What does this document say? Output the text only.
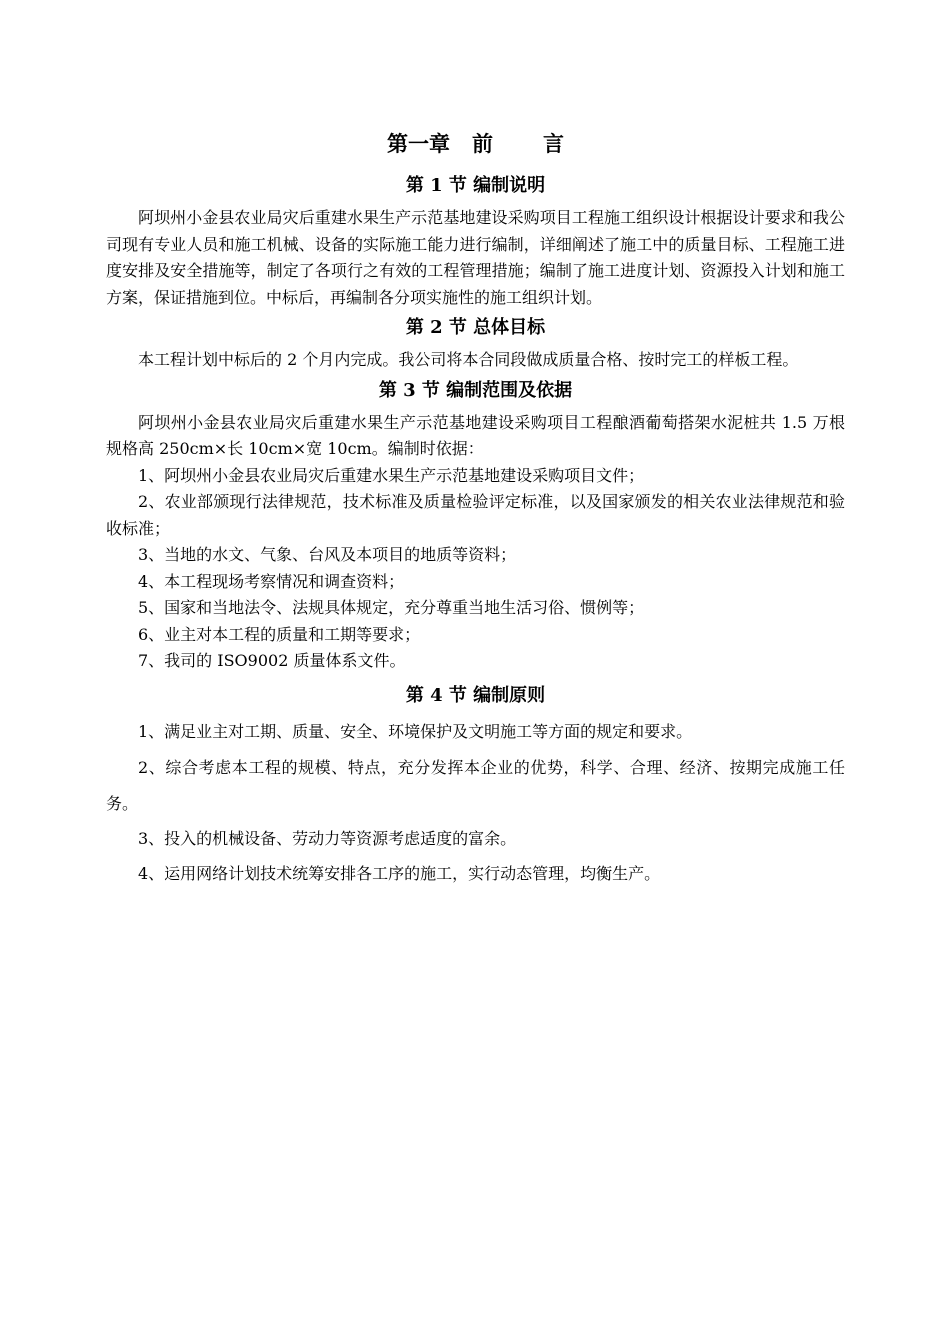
第一章 前 言
第 1 节 编制说明

阿坝州小金县农业局灾后重建水果生产示范基地建设采购项目工程施工组织设计根据设计要求和我公司现有专业人员和施工机械、设备的实际施工能力进行编制，详细阐述了施工中的质量目标、工程施工进度安排及安全措施等，制定了各项行之有效的工程管理措施；编制了施工进度计划、资源投入计划和施工方案，保证措施到位。中标后，再编制各分项实施性的施工组织计划。

第 2 节 总体目标

本工程计划中标后的 2 个月内完成。我公司将本合同段做成质量合格、按时完工的样板工程。

第 3 节 编制范围及依据

阿坝州小金县农业局灾后重建水果生产示范基地建设采购项目工程酿酒葡萄搭架水泥桩共 1.5 万根规格高 250cm×长 10cm×宽 10cm。编制时依据：

1、阿坝州小金县农业局灾后重建水果生产示范基地建设采购项目文件；

2、农业部颁现行法律规范，技术标准及质量检验评定标准，以及国家颁发的相关农业法律规范和验收标准；

3、当地的水文、气象、台风及本项目的地质等资料；

4、本工程现场考察情况和调查资料；

5、国家和当地法令、法规具体规定，充分尊重当地生活习俗、惯例等；

6、业主对本工程的质量和工期等要求；

7、我司的 ISO9002 质量体系文件。

第 4 节 编制原则

1、满足业主对工期、质量、安全、环境保护及文明施工等方面的规定和要求。

2、综合考虑本工程的规模、特点，充分发挥本企业的优势，科学、合理、经济、按期完成施工任务。

3、投入的机械设备、劳动力等资源考虑适度的富余。

4、运用网络计划技术统筹安排各工序的施工，实行动态管理，均衡生产。
